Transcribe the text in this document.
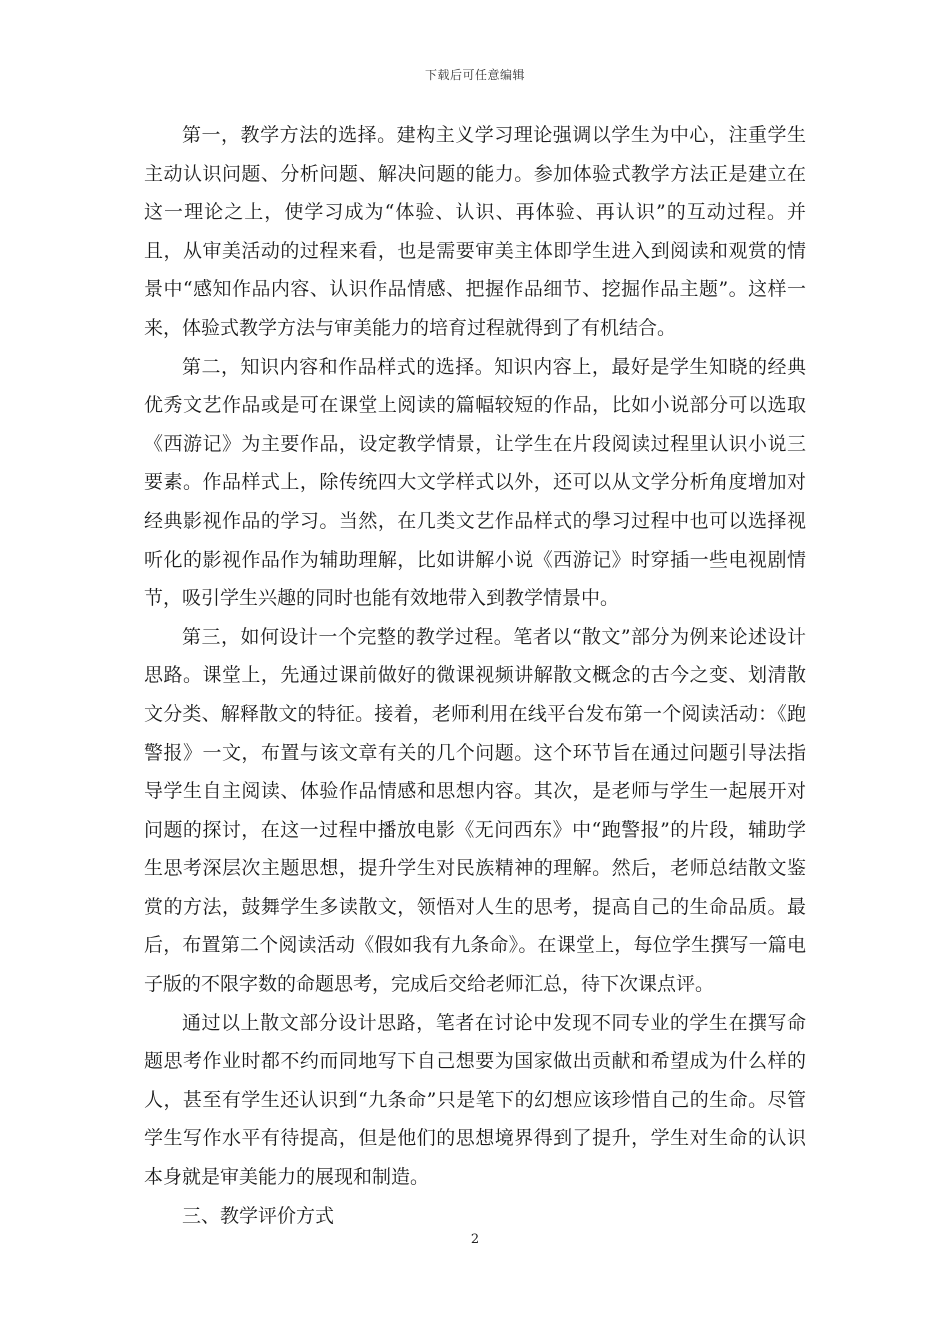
下载后可任意编辑

第一，教学方法的选择。建构主义学习理论强调以学生为中心，注重学生主动认识问题、分析问题、解决问题的能力。参加体验式教学方法正是建立在这一理论之上，使学习成为“体验、认识、再体验、再认识”的互动过程。并且，从审美活动的过程来看，也是需要审美主体即学生进入到阅读和观赏的情景中“感知作品内容、认识作品情感、把握作品细节、挖掘作品主题”。这样一来，体验式教学方法与审美能力的培育过程就得到了有机结合。

第二，知识内容和作品样式的选择。知识内容上，最好是学生知晓的经典优秀文艺作品或是可在课堂上阅读的篇幅较短的作品，比如小说部分可以选取《西游记》为主要作品，设定教学情景，让学生在片段阅读过程里认识小说三要素。作品样式上，除传统四大文学样式以外，还可以从文学分析角度增加对经典影视作品的学习。当然，在几类文艺作品样式的學习过程中也可以选择视听化的影视作品作为辅助理解，比如讲解小说《西游记》时穿插一些电视剧情节，吸引学生兴趣的同时也能有效地带入到教学情景中。

第三，如何设计一个完整的教学过程。笔者以“散文”部分为例来论述设计思路。课堂上，先通过课前做好的微课视频讲解散文概念的古今之变、划清散文分类、解释散文的特征。接着，老师利用在线平台发布第一个阅读活动：《跑警报》一文，布置与该文章有关的几个问题。这个环节旨在通过问题引导法指导学生自主阅读、体验作品情感和思想内容。其次，是老师与学生一起展开对问题的探讨，在这一过程中播放电影《无问西东》中“跑警报”的片段，辅助学生思考深层次主题思想，提升学生对民族精神的理解。然后，老师总结散文鉴赏的方法，鼓舞学生多读散文，领悟对人生的思考，提高自己的生命品质。最后，布置第二个阅读活动《假如我有九条命》。在课堂上，每位学生撰写一篇电子版的不限字数的命题思考，完成后交给老师汇总，待下次课点评。

通过以上散文部分设计思路，笔者在讨论中发现不同专业的学生在撰写命题思考作业时都不约而同地写下自己想要为国家做出贡献和希望成为什么样的人，甚至有学生还认识到“九条命”只是笔下的幻想应该珍惜自己的生命。尽管学生写作水平有待提高，但是他们的思想境界得到了提升，学生对生命的认识本身就是审美能力的展现和制造。

三、教学评价方式

2
